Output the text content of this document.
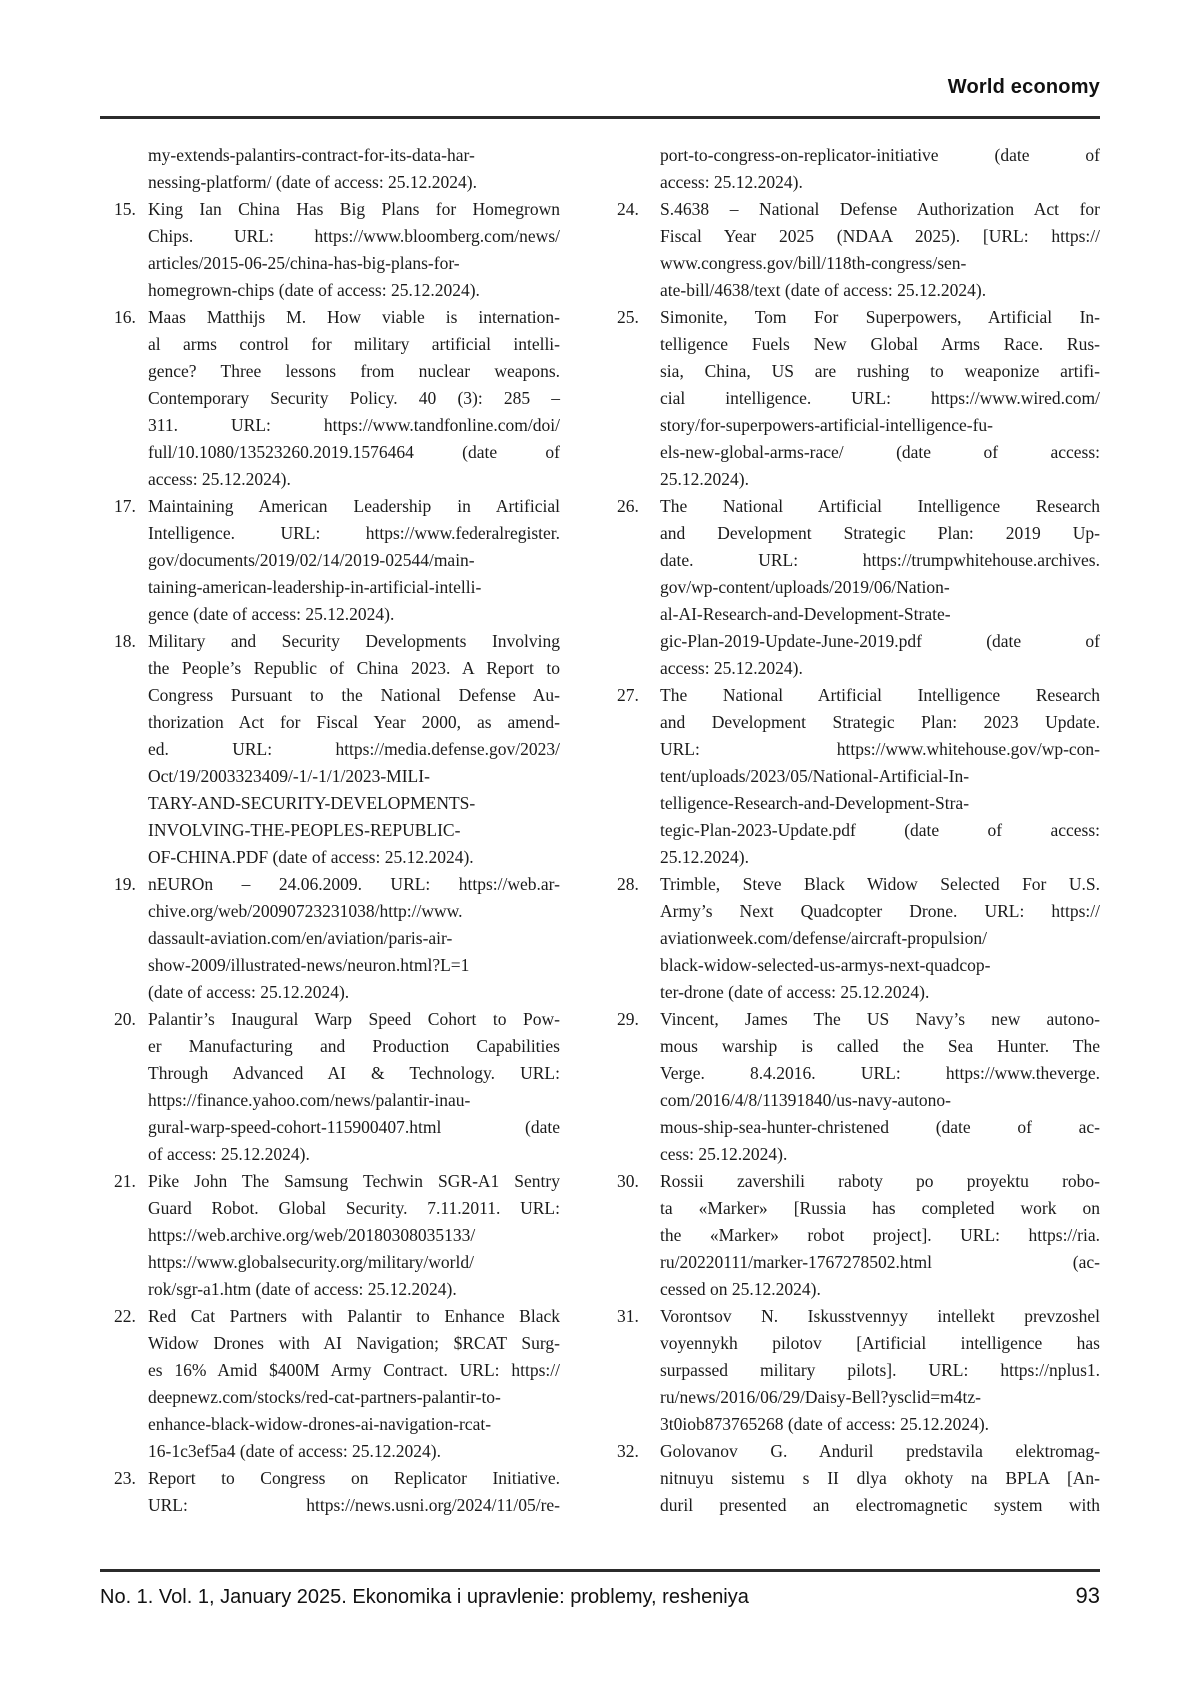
World economy
my-extends-palantirs-contract-for-its-data-har-
nessing-platform/ (date of access: 25.12.2024).
15. King Ian China Has Big Plans for Homegrown
Chips. URL: https://www.bloomberg.com/news/
articles/2015-06-25/china-has-big-plans-for-
homegrown-chips (date of access: 25.12.2024).
16. Maas Matthijs M. How viable is internation-
al arms control for military artificial intelli-
gence? Three lessons from nuclear weapons.
Contemporary Security Policy. 40 (3): 285 –
311. URL: https://www.tandfonline.com/doi/
full/10.1080/13523260.2019.1576464 (date of
access: 25.12.2024).
17. Maintaining American Leadership in Artificial
Intelligence. URL: https://www.federalregister.
gov/documents/2019/02/14/2019-02544/main-
taining-american-leadership-in-artificial-intelli-
gence (date of access: 25.12.2024).
18. Military and Security Developments Involving
the People’s Republic of China 2023. A Report to
Congress Pursuant to the National Defense Au-
thorization Act for Fiscal Year 2000, as amend-
ed. URL: https://media.defense.gov/2023/
Oct/19/2003323409/-1/-1/1/2023-MILI-
TARY-AND-SECURITY-DEVELOPMENTS-
INVOLVING-THE-PEOPLES-REPUBLIC-
OF-CHINA.PDF (date of access: 25.12.2024).
19. nEUROn – 24.06.2009. URL: https://web.ar-
chive.org/web/20090723231038/http://www.
dassault-aviation.com/en/aviation/paris-air-
show-2009/illustrated-news/neuron.html?L=1
(date of access: 25.12.2024).
20. Palantir’s Inaugural Warp Speed Cohort to Pow-
er Manufacturing and Production Capabilities
Through Advanced AI & Technology. URL:
https://finance.yahoo.com/news/palantir-inau-
gural-warp-speed-cohort-115900407.html (date
of access: 25.12.2024).
21. Pike John The Samsung Techwin SGR-A1 Sentry
Guard Robot. Global Security. 7.11.2011. URL:
https://web.archive.org/web/20180308035133/
https://www.globalsecurity.org/military/world/
rok/sgr-a1.htm (date of access: 25.12.2024).
22. Red Cat Partners with Palantir to Enhance Black
Widow Drones with AI Navigation; $RCAT Surg-
es 16% Amid $400M Army Contract. URL: https://
deepnewz.com/stocks/red-cat-partners-palantir-to-
enhance-black-widow-drones-ai-navigation-rcat-
16-1c3ef5a4 (date of access: 25.12.2024).
23. Report to Congress on Replicator Initiative.
URL: https://news.usni.org/2024/11/05/re-
port-to-congress-on-replicator-initiative (date of
access: 25.12.2024).
24. S.4638 – National Defense Authorization Act for
Fiscal Year 2025 (NDAA 2025). [URL: https://
www.congress.gov/bill/118th-congress/sen-
ate-bill/4638/text (date of access: 25.12.2024).
25. Simonite, Tom For Superpowers, Artificial In-
telligence Fuels New Global Arms Race. Rus-
sia, China, US are rushing to weaponize artifi-
cial intelligence. URL: https://www.wired.com/
story/for-superpowers-artificial-intelligence-fu-
els-new-global-arms-race/ (date of access:
25.12.2024).
26. The National Artificial Intelligence Research
and Development Strategic Plan: 2019 Up-
date. URL: https://trumpwhitehouse.archives.
gov/wp-content/uploads/2019/06/Nation-
al-AI-Research-and-Development-Strate-
gic-Plan-2019-Update-June-2019.pdf (date of
access: 25.12.2024).
27. The National Artificial Intelligence Research
and Development Strategic Plan: 2023 Update.
URL: https://www.whitehouse.gov/wp-con-
tent/uploads/2023/05/National-Artificial-In-
telligence-Research-and-Development-Stra-
tegic-Plan-2023-Update.pdf (date of access:
25.12.2024).
28. Trimble, Steve Black Widow Selected For U.S.
Army’s Next Quadcopter Drone. URL: https://
aviationweek.com/defense/aircraft-propulsion/
black-widow-selected-us-armys-next-quadcop-
ter-drone (date of access: 25.12.2024).
29. Vincent, James The US Navy’s new autono-
mous warship is called the Sea Hunter. The
Verge. 8.4.2016. URL: https://www.theverge.
com/2016/4/8/11391840/us-navy-autono-
mous-ship-sea-hunter-christened (date of ac-
cess: 25.12.2024).
30. Rossii zavershili raboty po proyektu robo-
ta «Marker» [Russia has completed work on
the «Marker» robot project]. URL: https://ria.
ru/20220111/marker-1767278502.html (ac-
cessed on 25.12.2024).
31. Vorontsov N. Iskusstvennyy intellekt prevzoshel
voyennykh pilotov [Artificial intelligence has
surpassed military pilots]. URL: https://nplus1.
ru/news/2016/06/29/Daisy-Bell?ysclid=m4tz-
3t0iob873765268 (date of access: 25.12.2024).
32. Golovanov G. Anduril predstavila elektromag-
nitnuyu sistemu s II dlya okhoty na BPLA [An-
duril presented an electromagnetic system with
No. 1. Vol. 1, January 2025. Ekonomika i upravlenie: problemy, resheniya	93
